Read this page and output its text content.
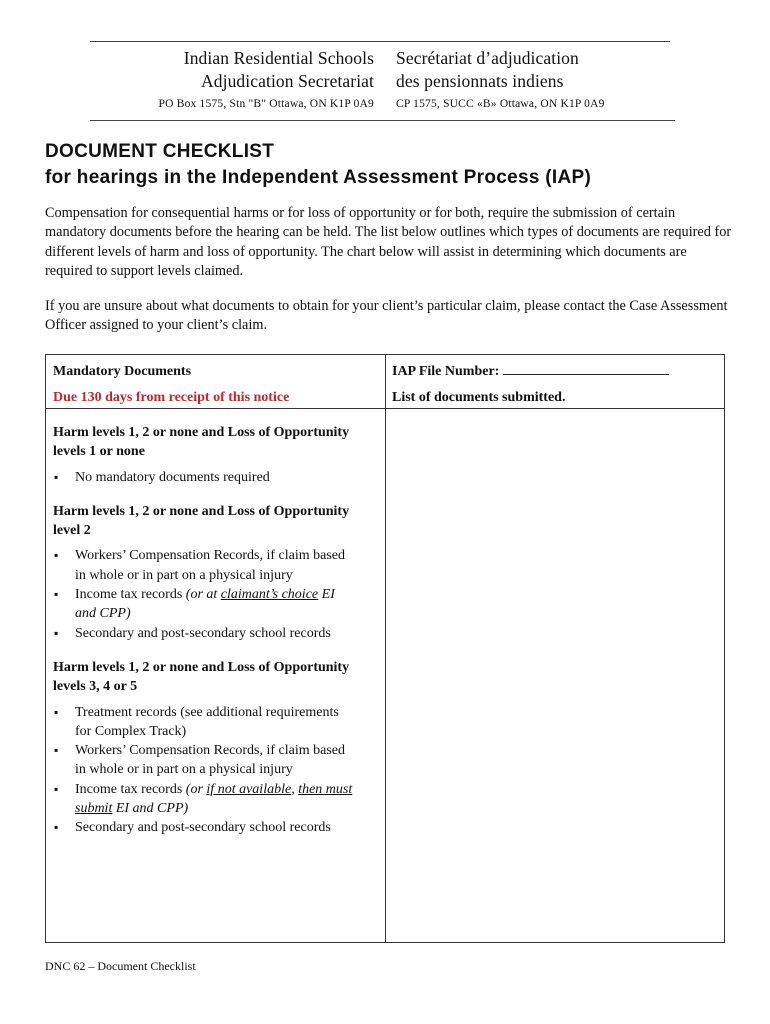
Indian Residential Schools
Adjudication Secretariat
PO Box 1575, Stn "B" Ottawa, ON K1P 0A9
Secrétariat d’adjudication
des pensionnats indiens
CP 1575, SUCC «B» Ottawa, ON K1P 0A9
DOCUMENT CHECKLIST
for hearings in the Independent Assessment Process (IAP)

Compensation for consequential harms or for loss of opportunity or for both, require the submission of certain mandatory documents before the hearing can be held. The list below outlines which types of documents are required for different levels of harm and loss of opportunity. The chart below will assist in determining which documents are required to support levels claimed.

If you are unsure about what documents to obtain for your client’s particular claim, please contact the Case Assessment Officer assigned to your client’s claim.

Mandatory Documents
Due 130 days from receipt of this notice
IAP File Number:
List of documents submitted.

Harm levels 1, 2 or none and Loss of Opportunity levels 1 or none

▪ No mandatory documents required

Harm levels 1, 2 or none and Loss of Opportunity level 2

▪ Workers’ Compensation Records, if claim based in whole or in part on a physical injury
▪ Income tax records (or at claimant’s choice EI and CPP)
▪ Secondary and post-secondary school records

Harm levels 1, 2 or none and Loss of Opportunity levels 3, 4 or 5

▪ Treatment records (see additional requirements for Complex Track)
▪ Workers’ Compensation Records, if claim based in whole or in part on a physical injury
▪ Income tax records (or if not available, then must submit EI and CPP)
▪ Secondary and post-secondary school records
DNC 62 – Document Checklist
